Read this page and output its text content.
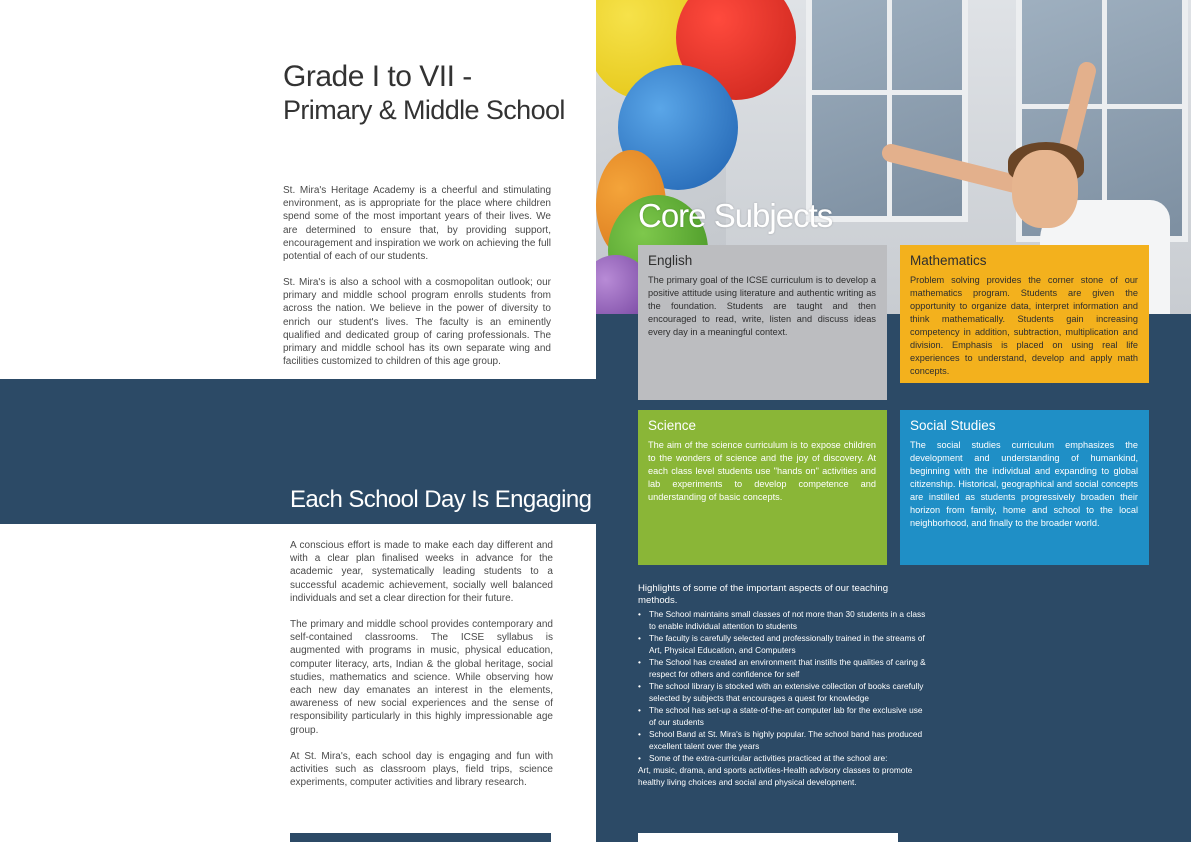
Grade I to VII -
Primary & Middle School

St. Mira's Heritage Academy is a cheerful and stimulating environment, as is appropriate for the place where children spend some of the most important years of their lives. We are determined to ensure that, by providing support, encouragement and inspiration we work on achieving the full potential of each of our students.

St. Mira's is also a school with a cosmopolitan outlook; our primary and middle school program enrolls students from across the nation. We believe in the power of diversity to enrich our student's lives. The faculty is an eminently qualified and dedicated group of caring professionals. The primary and middle school has its own separate wing and facilities customized to children of this age group.

Core Subjects
English

The primary goal of the ICSE curriculum is to develop a positive attitude using literature and authentic writing as the foundation. Students are taught and then encouraged to read, write, listen and discuss ideas every day in a meaningful context.

Mathematics

Problem solving provides the corner stone of our mathematics program. Students are given the opportunity to organize data, interpret information and think mathematically. Students gain increasing competency in addition, subtraction, multiplication and division. Emphasis is placed on using real life experiences to understand, develop and apply math concepts.

Science

The aim of the science curriculum is to expose children to the wonders of science and the joy of discovery. At each class level students use "hands on" activities and lab experiments to develop competence and understanding of basic concepts.

Social Studies

The social studies curriculum emphasizes the development and understanding of humankind, beginning with the individual and expanding to global citizenship. Historical, geographical and social concepts are instilled as students progressively broaden their horizon from family, home and school to the local neighborhood, and finally to the broader world.

Each School Day Is Engaging

A conscious effort is made to make each day different and with a clear plan finalised weeks in advance for the academic year, systematically leading students to a successful academic achievement, socially well balanced individuals and set a clear direction for their future.

The primary and middle school provides contemporary and self-contained classrooms. The ICSE syllabus is augmented with programs in music, physical education, computer literacy, arts, Indian & the global heritage, social studies, mathematics and science. While observing how each new day emanates an interest in the elements, awareness of new social experiences and the sense of responsibility particularly in this highly impressionable age group.

At St. Mira's, each school day is engaging and fun with activities such as classroom plays, field trips, science experiments, computer activities and library research.

Highlights of some of the important aspects of our teaching methods.

• The School maintains small classes of not more than 30 students in a class to enable individual attention to students
• The faculty is carefully selected and professionally trained in the streams of Art, Physical Education, and Computers
• The School has created an environment that instills the qualities of caring & respect for others and confidence for self
• The school library is stocked with an extensive collection of books carefully selected by subjects that encourages a quest for knowledge
• The school has set-up a state-of-the-art computer lab for the exclusive use of our students
• School Band at St. Mira's is highly popular. The school band has produced excellent talent over the years
• Some of the extra-curricular activities practiced at the school are:

Art, music, drama, and sports activities-Health advisory classes to promote healthy living choices and social and physical development.
